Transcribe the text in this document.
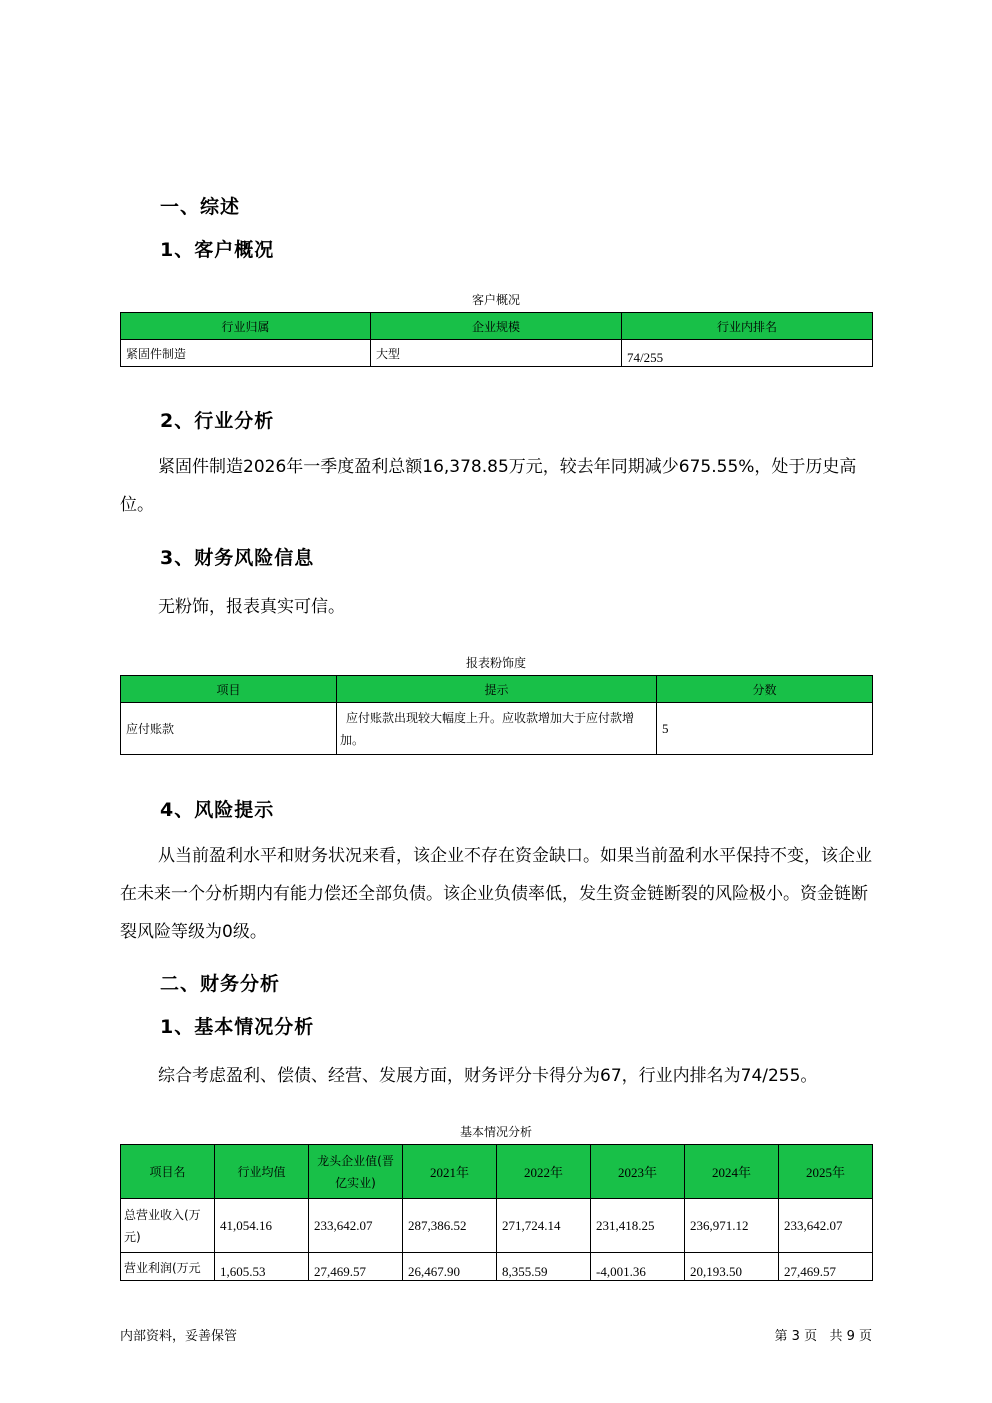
一、综述
1、客户概况
客户概况
行业归属	企业规模	行业内排名
紧固件制造	大型	74/255
2、行业分析
紧固件制造2026年一季度盈利总额16,378.85万元，较去年同期减少675.55%，处于历史高位。
3、财务风险信息
无粉饰，报表真实可信。
报表粉饰度
项目	提示	分数
应付账款	应付账款出现较大幅度上升。应收款增加大于应付款增加。	5
4、风险提示
从当前盈利水平和财务状况来看，该企业不存在资金缺口。如果当前盈利水平保持不变，该企业在未来一个分析期内有能力偿还全部负债。该企业负债率低，发生资金链断裂的风险极小。资金链断裂风险等级为0级。
二、财务分析
1、基本情况分析
综合考虑盈利、偿债、经营、发展方面，财务评分卡得分为67，行业内排名为74/255。
基本情况分析
项目名	行业均值	龙头企业值(晋亿实业)	2021年	2022年	2023年	2024年	2025年
总营业收入(万元)	41,054.16	233,642.07	287,386.52	271,724.14	231,418.25	236,971.12	233,642.07
营业利润(万元	1,605.53	27,469.57	26,467.90	8,355.59	-4,001.36	20,193.50	27,469.57
内部资料，妥善保管	第 3 页   共 9 页
